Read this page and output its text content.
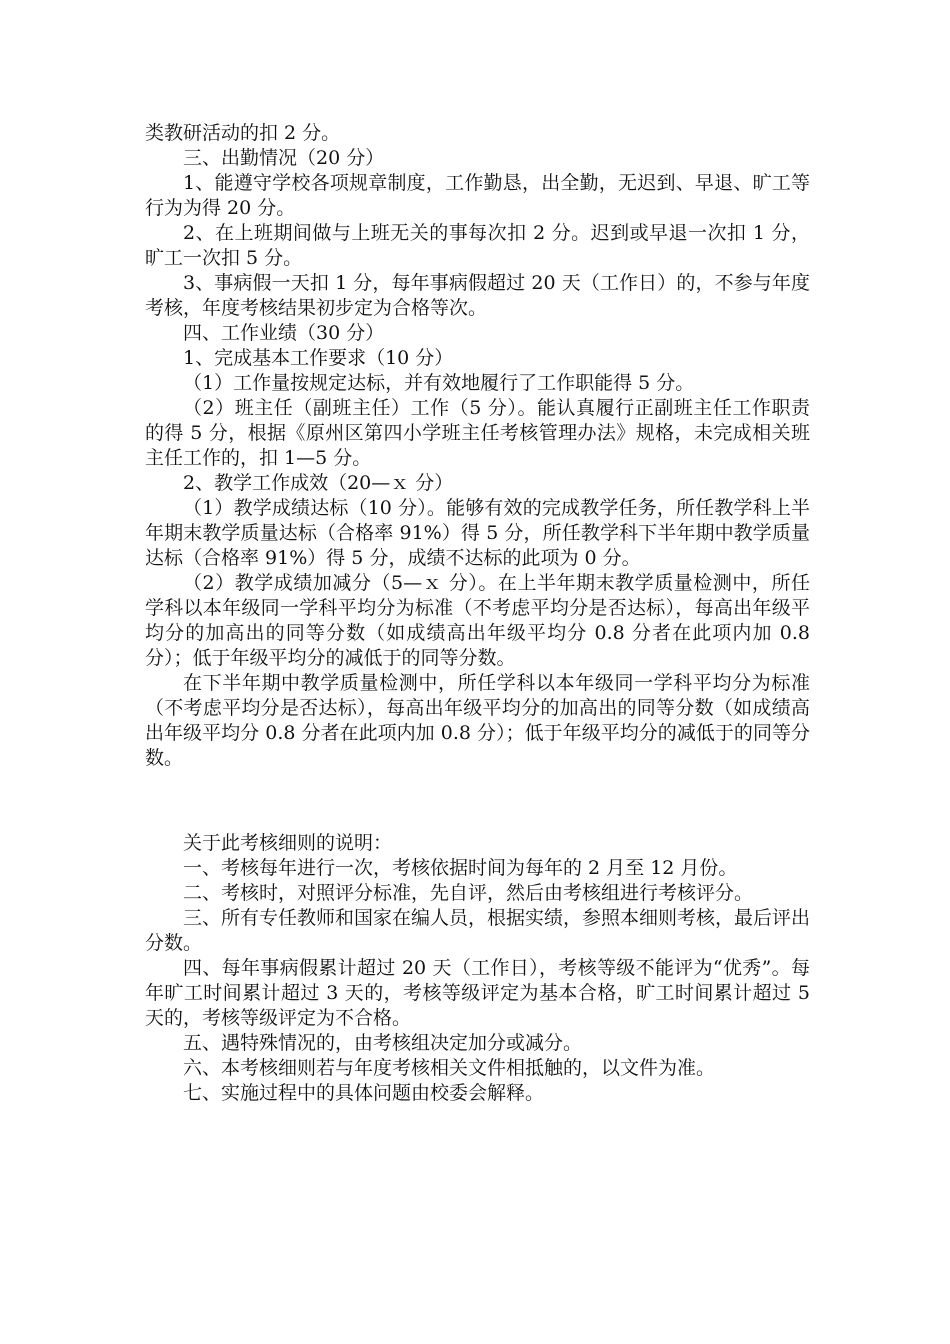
类教研活动的扣 2 分。

三、出勤情况（20 分）

1、能遵守学校各项规章制度，工作勤恳，出全勤，无迟到、早退、旷工等行为为得 20 分。

2、在上班期间做与上班无关的事每次扣 2 分。迟到或早退一次扣 1 分，旷工一次扣 5 分。

3、事病假一天扣 1 分，每年事病假超过 20 天（工作日）的，不参与年度考核，年度考核结果初步定为合格等次。

四、工作业绩（30 分）

1、完成基本工作要求（10 分）

（1）工作量按规定达标，并有效地履行了工作职能得 5 分。

（2）班主任（副班主任）工作（5 分）。能认真履行正副班主任工作职责的得 5 分，根据《原州区第四小学班主任考核管理办法》规格，未完成相关班主任工作的，扣 1—5 分。

2、教学工作成效（20—ｘ 分）

（1）教学成绩达标（10 分）。能够有效的完成教学任务，所任教学科上半年期末教学质量达标（合格率 91%）得 5 分，所任教学科下半年期中教学质量达标（合格率 91%）得 5 分，成绩不达标的此项为 0 分。

（2）教学成绩加减分（5—ｘ 分）。在上半年期末教学质量检测中，所任学科以本年级同一学科平均分为标准（不考虑平均分是否达标），每高出年级平均分的加高出的同等分数（如成绩高出年级平均分 0.8 分者在此项内加 0.8 分）；低于年级平均分的减低于的同等分数。

在下半年期中教学质量检测中，所任学科以本年级同一学科平均分为标准（不考虑平均分是否达标），每高出年级平均分的加高出的同等分数（如成绩高出年级平均分 0.8 分者在此项内加 0.8 分）；低于年级平均分的减低于的同等分数。

关于此考核细则的说明：

一、考核每年进行一次，考核依据时间为每年的 2 月至 12 月份。

二、考核时，对照评分标准，先自评，然后由考核组进行考核评分。

三、所有专任教师和国家在编人员，根据实绩，参照本细则考核，最后评出分数。

四、每年事病假累计超过 20 天（工作日），考核等级不能评为“优秀”。每年旷工时间累计超过 3 天的，考核等级评定为基本合格，旷工时间累计超过 5 天的，考核等级评定为不合格。

五、遇特殊情况的，由考核组决定加分或减分。

六、本考核细则若与年度考核相关文件相抵触的，以文件为准。

七、实施过程中的具体问题由校委会解释。
